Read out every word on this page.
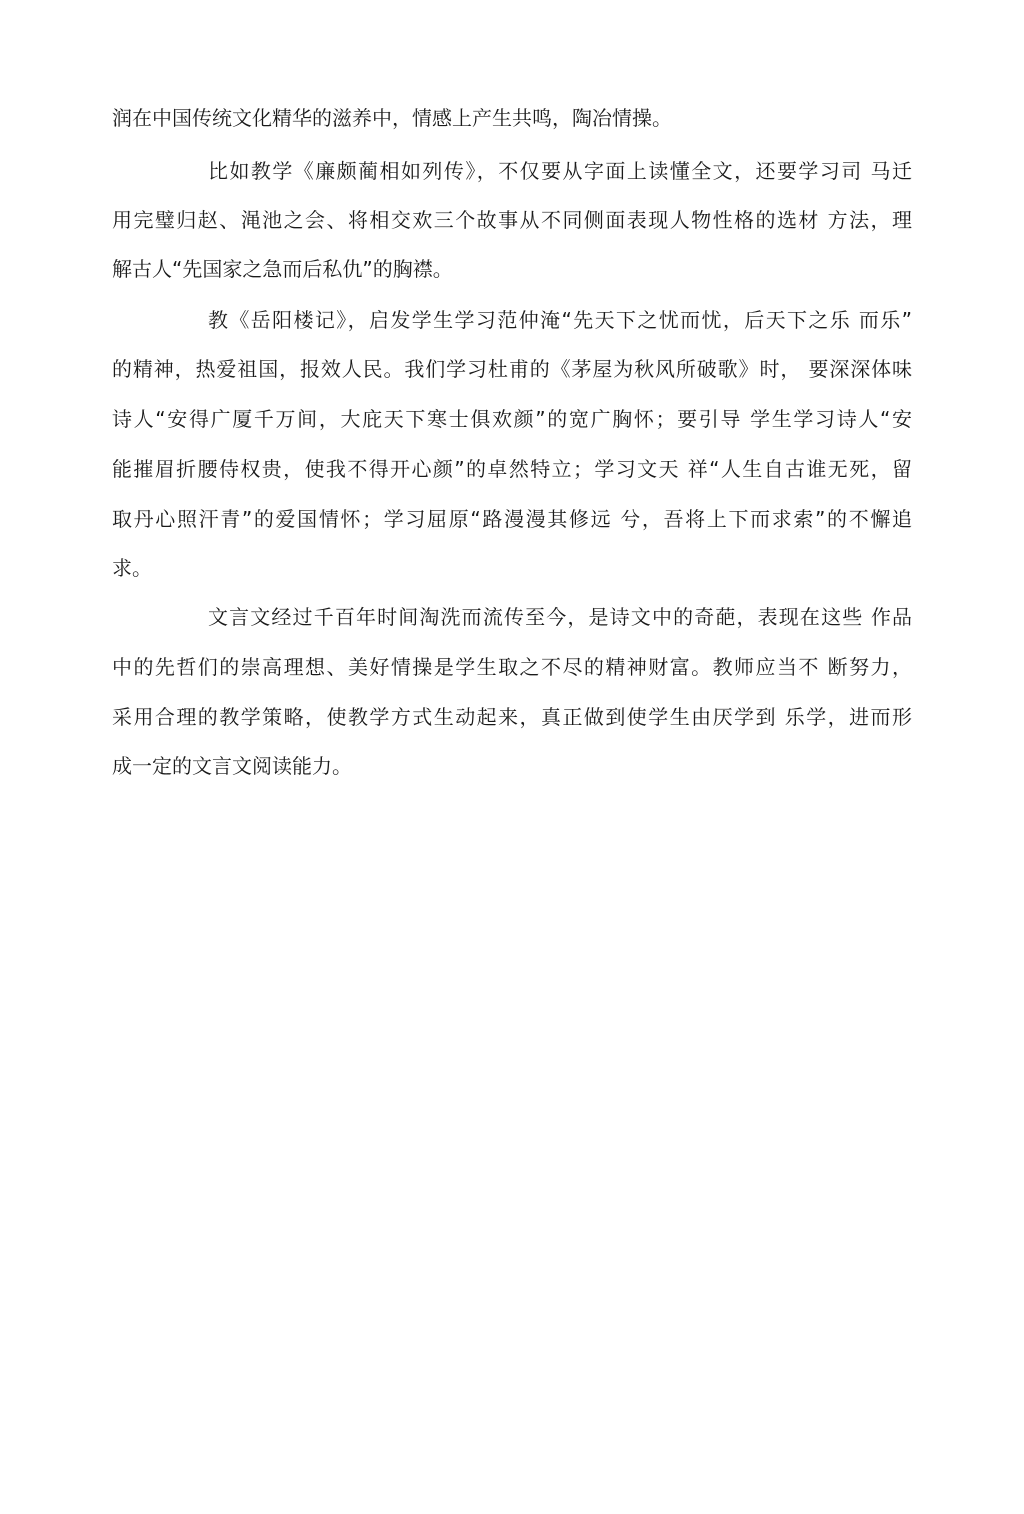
润在中国传统文化精华的滋养中，情感上产生共鸣，陶冶情操。
比如教学《廉颇蔺相如列传》，不仅要从字面上读懂全文，还要学习司 马迁
用完璧归赵、渑池之会、将相交欢三个故事从不同侧面表现人物性格的选材 方法，理
解古人“先国家之急而后私仇”的胸襟。
教《岳阳楼记》，启发学生学习范仲淹“先天下之忧而忧，后天下之乐 而乐”
的精神，热爱祖国，报效人民。我们学习杜甫的《茅屋为秋风所破歌》时， 要深深体味
诗人“安得广厦千万间，大庇天下寒士俱欢颜”的宽广胸怀；要引导 学生学习诗人“安
能摧眉折腰侍权贵，使我不得开心颜”的卓然特立；学习文天 祥“人生自古谁无死，留
取丹心照汗青”的爱国情怀；学习屈原“路漫漫其修远 兮，吾将上下而求索”的不懈追
求。
文言文经过千百年时间淘洗而流传至今，是诗文中的奇葩，表现在这些 作品
中的先哲们的崇高理想、美好情操是学生取之不尽的精神财富。教师应当不 断努力，
采用合理的教学策略，使教学方式生动起来，真正做到使学生由厌学到 乐学，进而形
成一定的文言文阅读能力。
